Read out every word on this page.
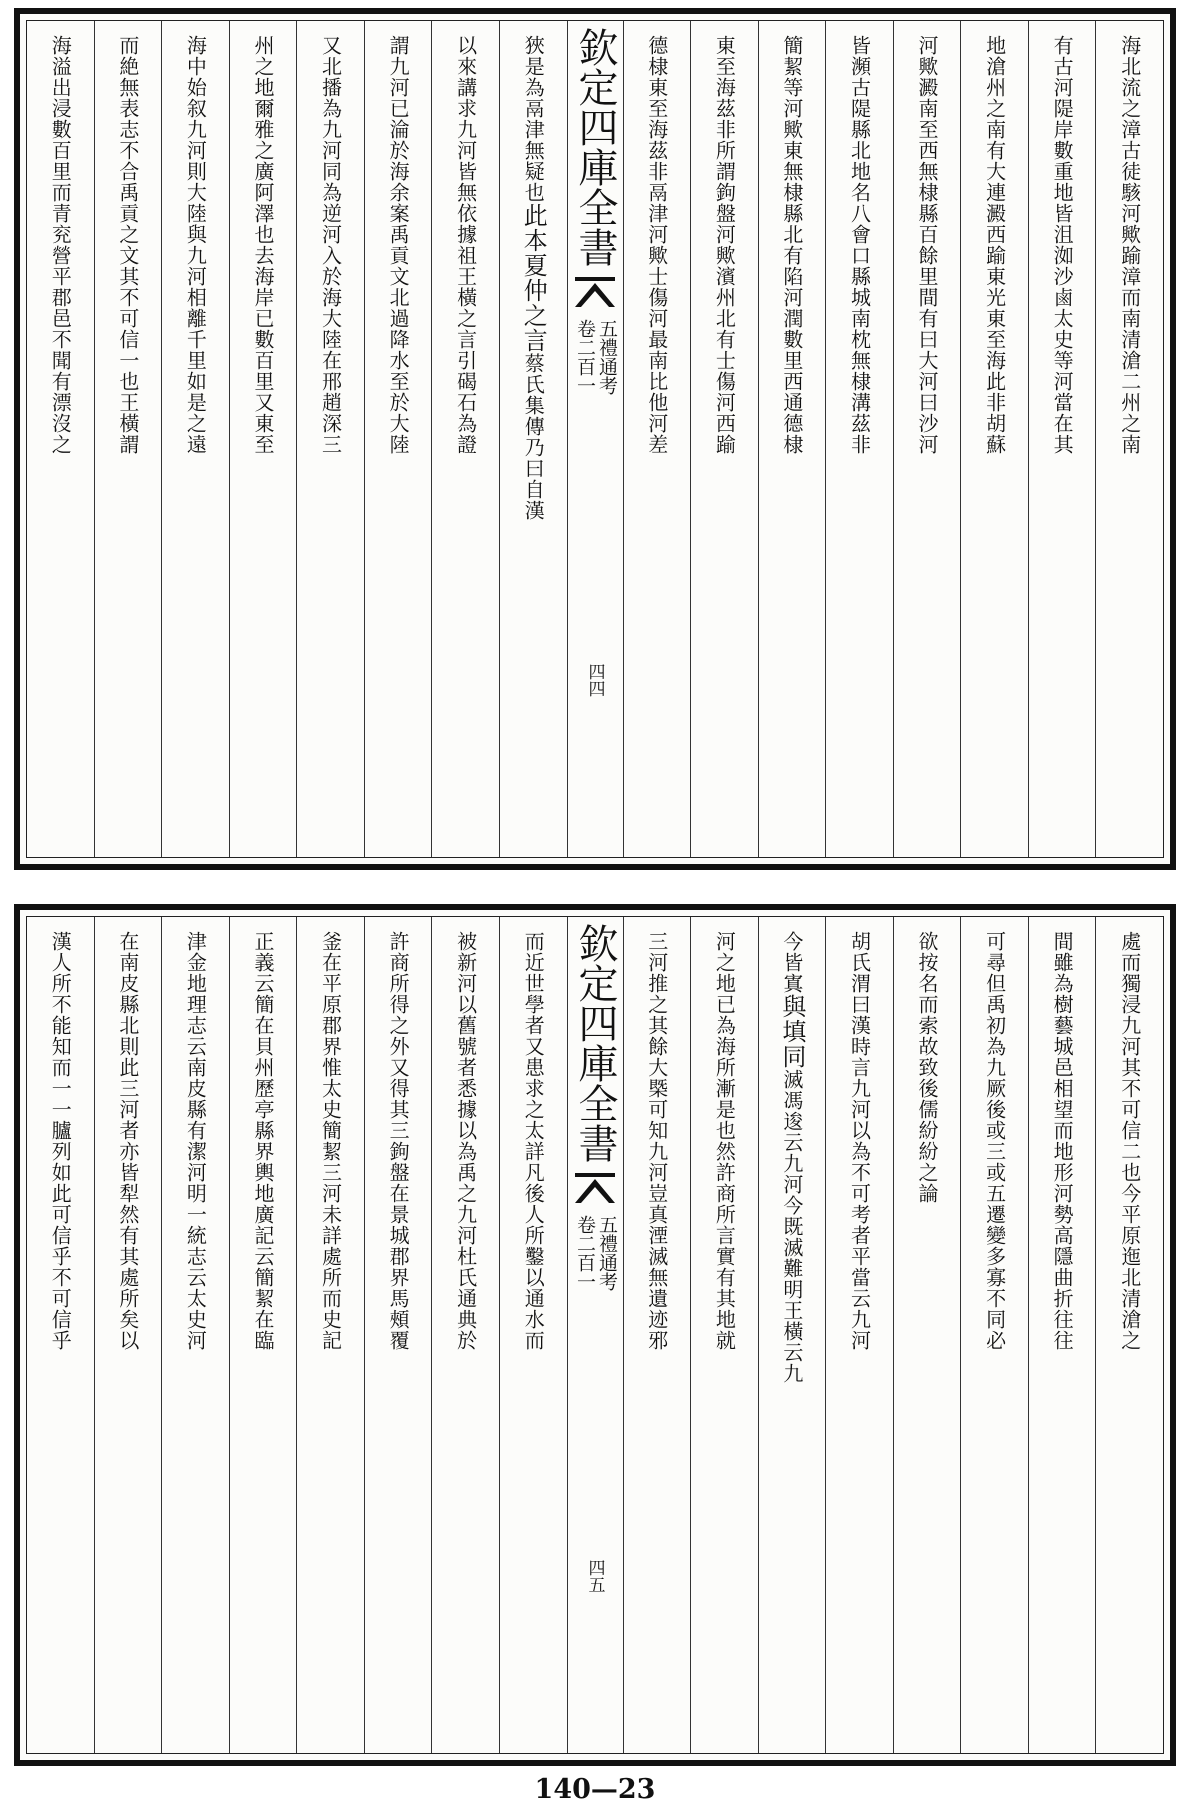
海北流之漳古徒駭河歟踰漳而南清滄二州之南
有古河隄岸數重地皆沮洳沙鹵太史等河當在其
地滄州之南有大連澱西踰東光東至海此非胡蘇
河歟澱南至西無棣縣百餘里間有曰大河曰沙河
皆瀕古隄縣北地名八會口縣城南枕無棣溝茲非
簡絜等河歟東無棣縣北有陷河潤數里西通德棣
東至海茲非所謂鉤盤河歟濱州北有士傷河西踰
德棣東至海茲非鬲津河歟士傷河最南比他河差
欽定四庫全書
五禮通考
卷二百一
四四
狹是為鬲津無疑也此本夏仲之言蔡氏集傳乃曰自漢
以來講求九河皆無依據祖王橫之言引碣石為證
謂九河已淪於海余案禹貢文北過降水至於大陸
又北播為九河同為逆河入於海大陸在邢趙深三
州之地爾雅之廣阿澤也去海岸已數百里又東至
海中始叙九河則大陸與九河相離千里如是之遠
而絶無表志不合禹貢之文其不可信一也王橫謂
海溢出浸數百里而青兖營平郡邑不聞有漂沒之
處而獨浸九河其不可信二也今平原迤北清滄之
間雖為樹藝城邑相望而地形河勢高隱曲折往往
可尋但禹初為九厥後或三或五遷變多寡不同必
欲按名而索故致後儒紛紛之論
胡氏渭曰漢時言九河以為不可考者平當云九河
今皆寘與填同滅馮逡云九河今既滅難明王橫云九
河之地已為海所漸是也然許商所言實有其地就
三河推之其餘大槩可知九河豈真湮滅無遺迹邪
欽定四庫全書
五禮通考
卷二百一
四五
而近世學者又患求之太詳凡後人所鑿以通水而
被新河以舊號者悉據以為禹之九河杜氏通典於
許商所得之外又得其三鉤盤在景城郡界馬頰覆
釜在平原郡界惟太史簡絜三河未詳處所而史記
正義云簡在貝州歷亭縣界輿地廣記云簡絜在臨
津金地理志云南皮縣有潔河明一統志云太史河
在南皮縣北則此三河者亦皆犁然有其處所矣以
漢人所不能知而一一臚列如此可信乎不可信乎
140—23
